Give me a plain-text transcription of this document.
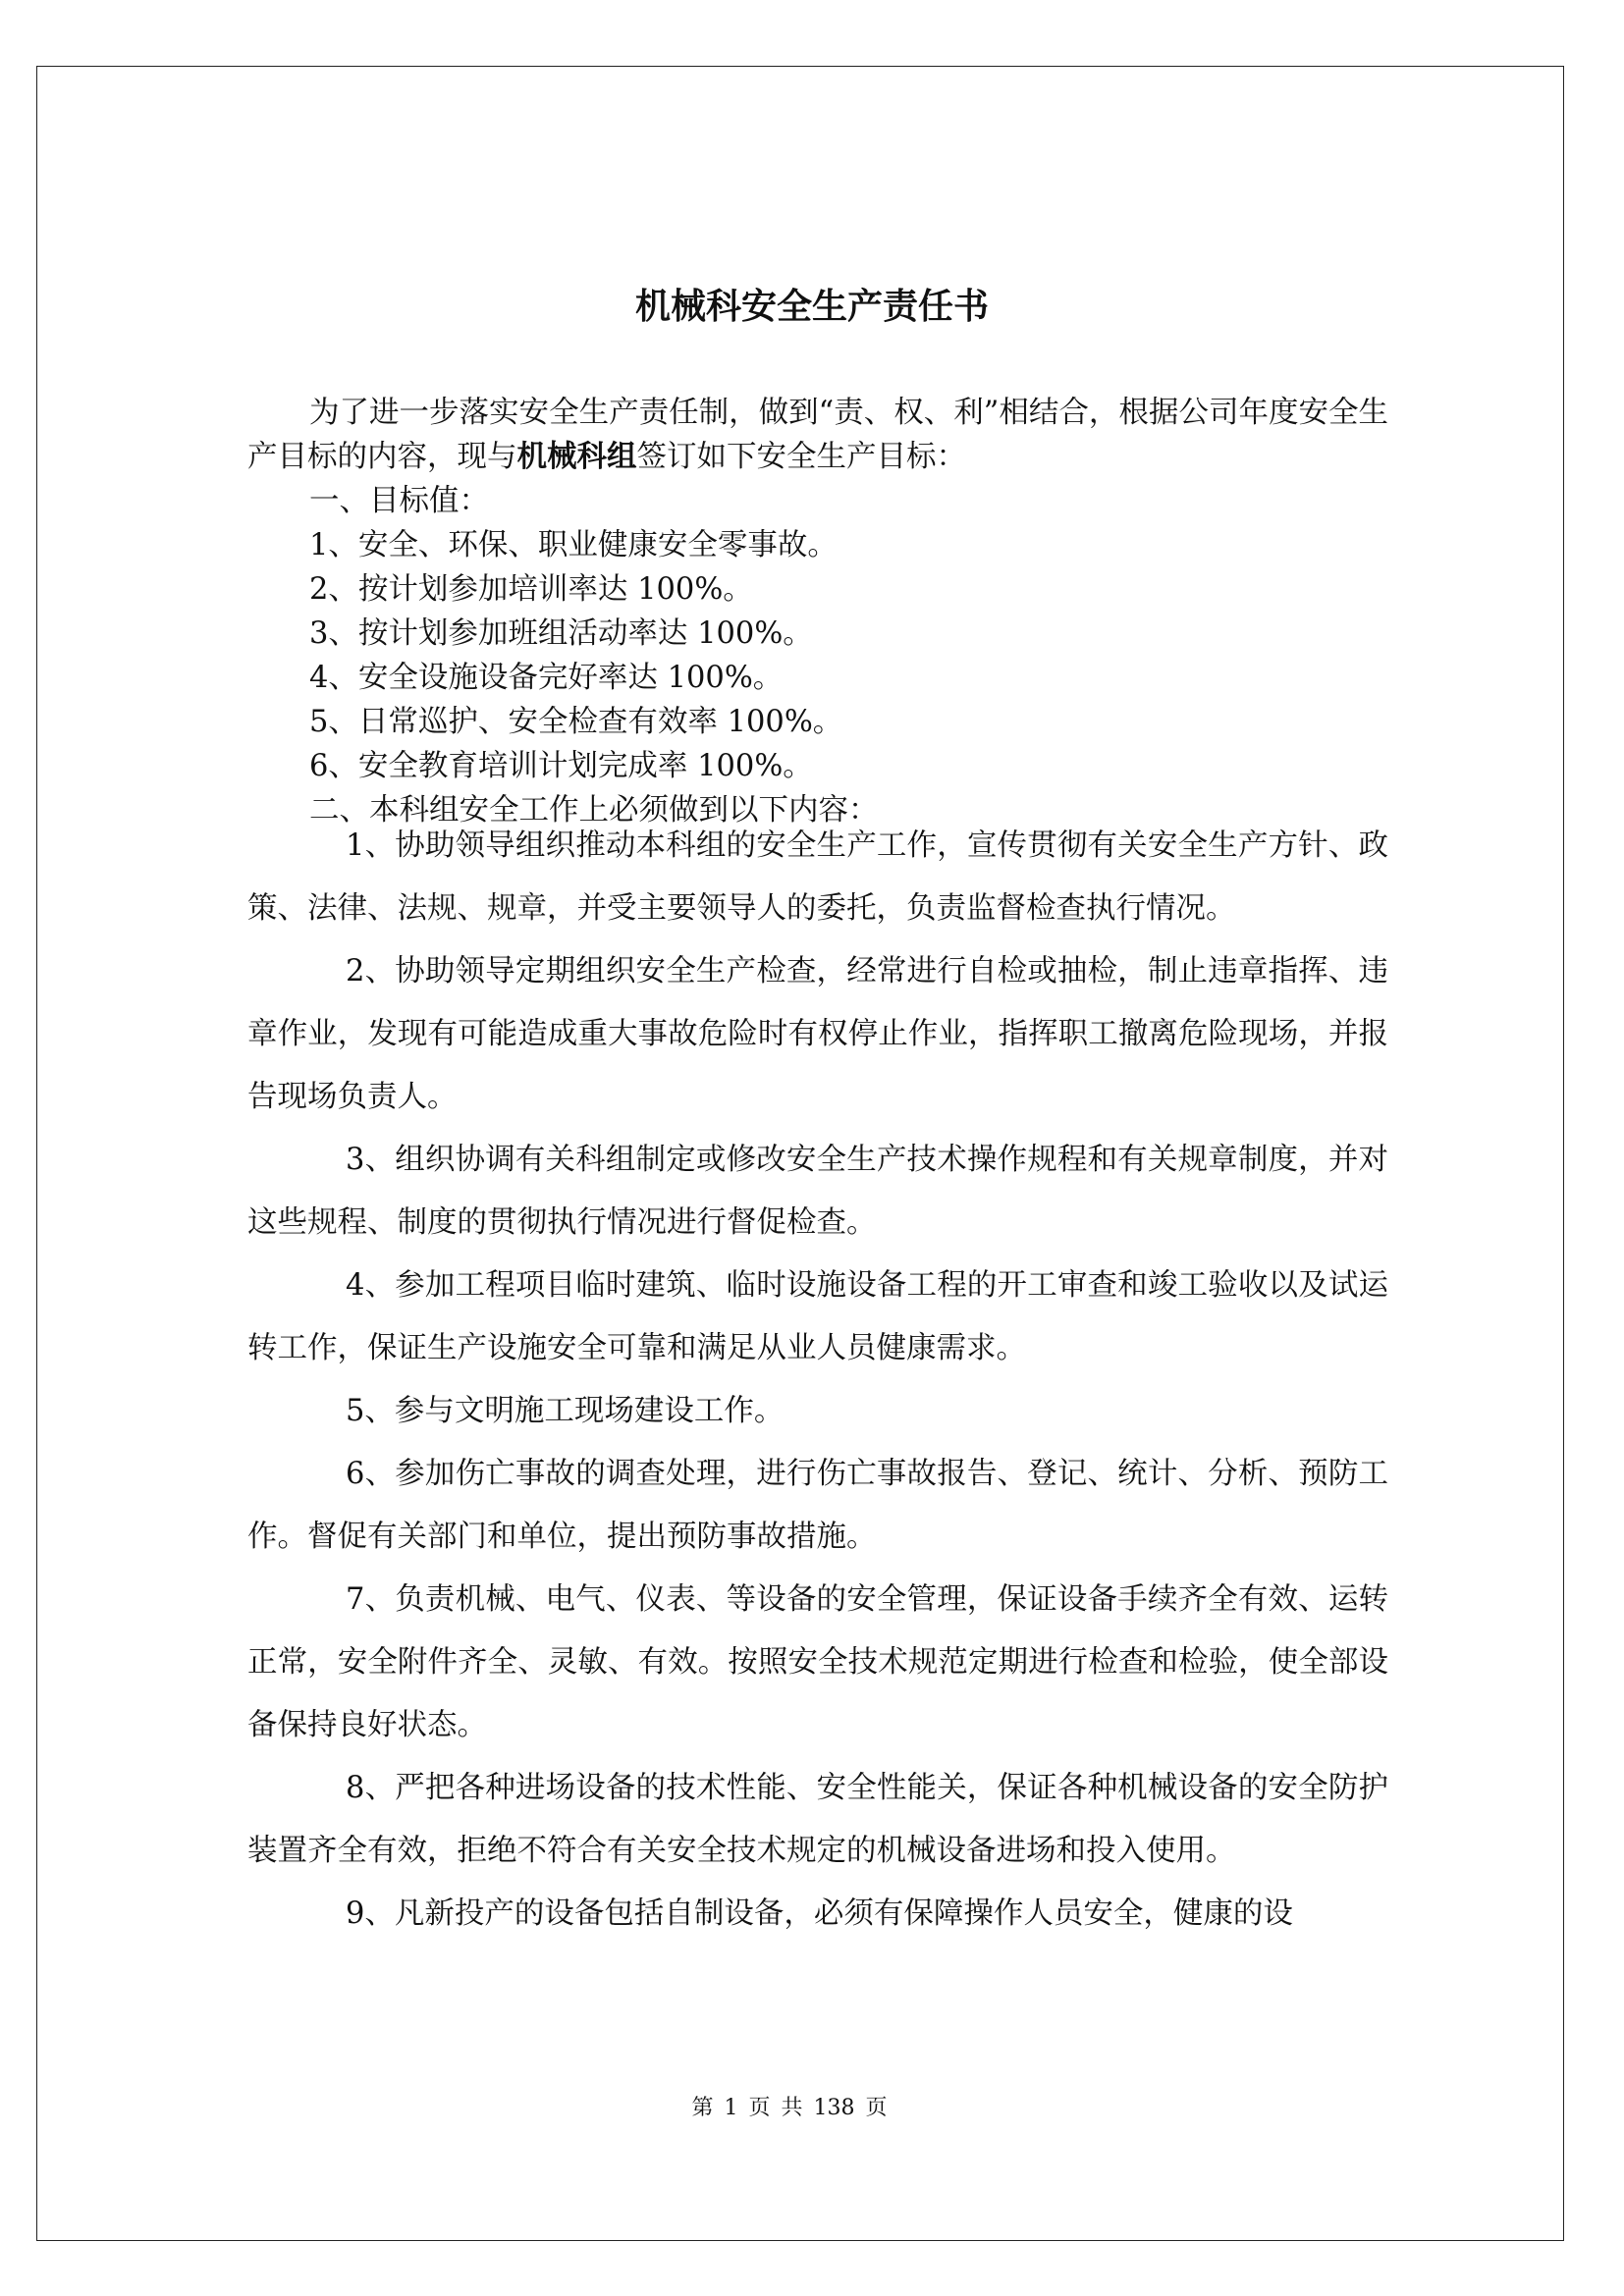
机械科安全生产责任书

为了进一步落实安全生产责任制，做到“责、权、利”相结合，根据公司年度安全生产目标的内容，现与机械科组签订如下安全生产目标：

一、目标值：

1、安全、环保、职业健康安全零事故。

2、按计划参加培训率达 100%。

3、按计划参加班组活动率达 100%。

4、安全设施设备完好率达 100%。

5、日常巡护、安全检查有效率 100%。

6、安全教育培训计划完成率 100%。

二、本科组安全工作上必须做到以下内容：

1、协助领导组织推动本科组的安全生产工作，宣传贯彻有关安全生产方针、政策、法律、法规、规章，并受主要领导人的委托，负责监督检查执行情况。

2、协助领导定期组织安全生产检查，经常进行自检或抽检，制止违章指挥、违章作业，发现有可能造成重大事故危险时有权停止作业，指挥职工撤离危险现场，并报告现场负责人。

3、组织协调有关科组制定或修改安全生产技术操作规程和有关规章制度，并对这些规程、制度的贯彻执行情况进行督促检查。

4、参加工程项目临时建筑、临时设施设备工程的开工审查和竣工验收以及试运转工作，保证生产设施安全可靠和满足从业人员健康需求。

5、参与文明施工现场建设工作。

6、参加伤亡事故的调查处理，进行伤亡事故报告、登记、统计、分析、预防工作。督促有关部门和单位，提出预防事故措施。

7、负责机械、电气、仪表、等设备的安全管理，保证设备手续齐全有效、运转正常，安全附件齐全、灵敏、有效。按照安全技术规范定期进行检查和检验，使全部设备保持良好状态。

8、严把各种进场设备的技术性能、安全性能关，保证各种机械设备的安全防护装置齐全有效，拒绝不符合有关安全技术规定的机械设备进场和投入使用。

9、凡新投产的设备包括自制设备，必须有保障操作人员安全，健康的设

第 1 页 共 138 页
